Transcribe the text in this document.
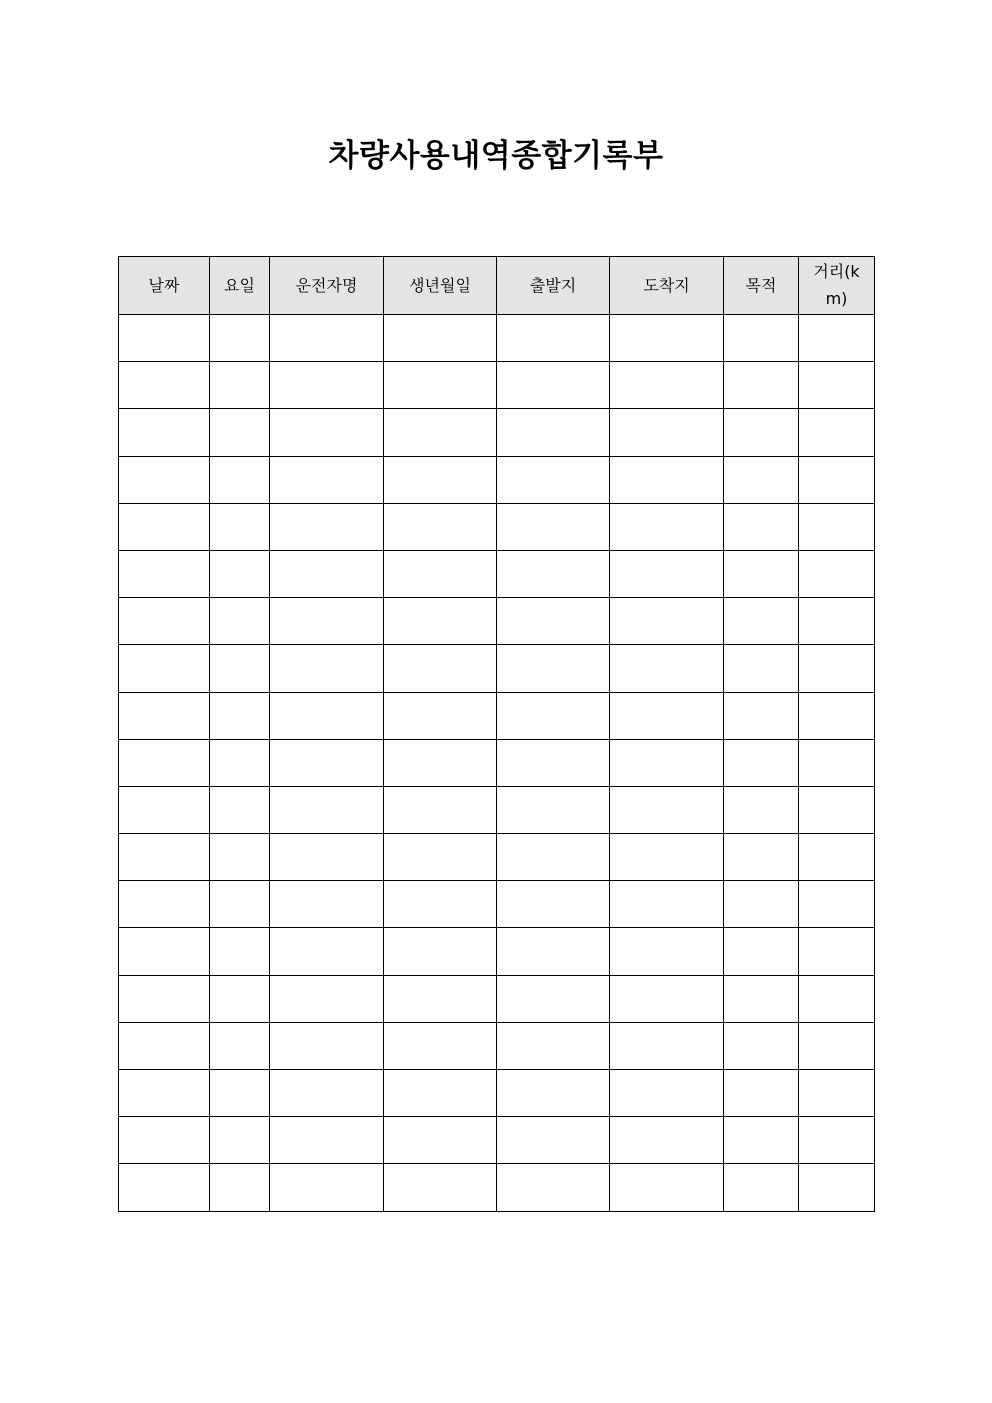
차량사용내역종합기록부
날짜	요일	운전자명	생년월일	출발지	도착지	목적	거리(km)
